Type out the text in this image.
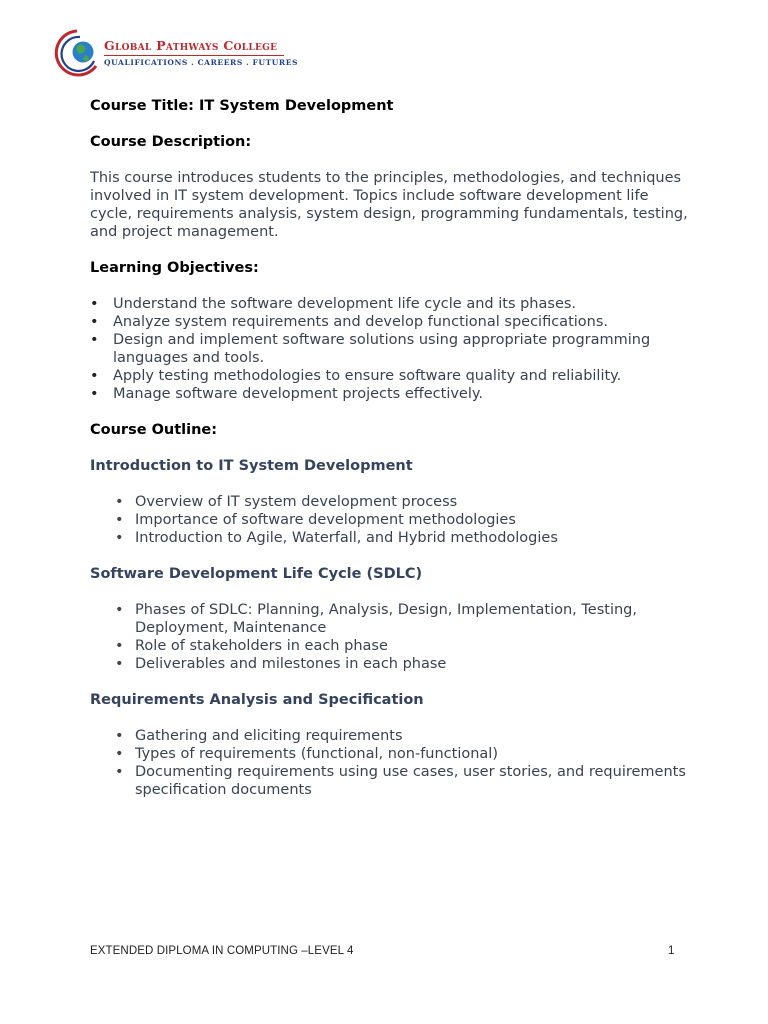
Global Pathways College
QUALIFICATIONS . CAREERS . FUTURES
Course Title: IT System Development
Course Description:

This course introduces students to the principles, methodologies, and techniques involved in IT system development. Topics include software development life cycle, requirements analysis, system design, programming fundamentals, testing, and project management.

Learning Objectives:
• Understand the software development life cycle and its phases.
• Analyze system requirements and develop functional specifications.
• Design and implement software solutions using appropriate programming languages and tools.
• Apply testing methodologies to ensure software quality and reliability.
• Manage software development projects effectively.
Course Outline:
Introduction to IT System Development
• Overview of IT system development process
• Importance of software development methodologies
• Introduction to Agile, Waterfall, and Hybrid methodologies
Software Development Life Cycle (SDLC)
• Phases of SDLC: Planning, Analysis, Design, Implementation, Testing, Deployment, Maintenance
• Role of stakeholders in each phase
• Deliverables and milestones in each phase
Requirements Analysis and Specification
• Gathering and eliciting requirements
• Types of requirements (functional, non-functional)
• Documenting requirements using use cases, user stories, and requirements specification documents
EXTENDED DIPLOMA IN COMPUTING –LEVEL 4	1
